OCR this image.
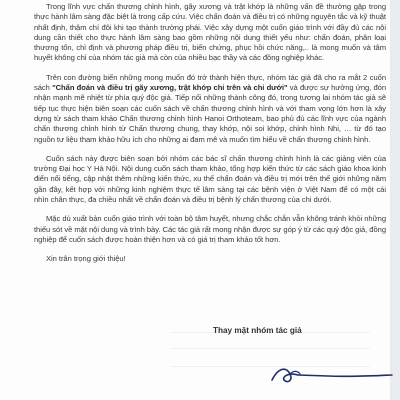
Trong lĩnh vực chấn thương chỉnh hình, gãy xương và trật khớp là những vấn đề thường gặp trong thực hành lâm sàng đặc biệt là trong cấp cứu. Việc chẩn đoán và điều trị có những nguyên tắc và kỹ thuật nhất định, thậm chí đôi khi tạo thành trường phái. Việc xây dựng một cuốn giáo trình với đầy đủ các nội dung cần thiết cho thực hành lâm sàng bao gồm những nội dung thiết yếu như: chẩn đoán, phân loại thương tổn, chỉ định và phương pháp điều trị, biến chứng, phục hồi chức năng,.. là mong muốn và tâm huyết không chỉ của nhóm tác giả mà còn của nhiều bạc thầy và các đồng nghiệp khác.

Trên con đường biến những mong muốn đó trở thành hiện thực, nhóm tác giả đã cho ra mắt 2 cuốn sách "Chẩn đoán và điều trị gãy xương, trật khớp chi trên và chi dưới" và được sự hưởng ứng, đón nhận mạnh mẽ nhiệt từ phía quý độc giả. Tiếp nối những thành công đó, trong tương lai nhóm tác giả sẽ tiếp tục thực hiện biên soạn các cuốn sách về chấn thương chỉnh hình và với tham vọng lớn hơn là xây dựng từ sách tham khảo Chấn thương chỉnh hình Hanoi Orthoteam, bao phủ đủ các lĩnh vực của ngành chấn thương chỉnh hình từ Chấn thương chung, thay khớp, nội soi khớp, chỉnh hình Nhi, … từ đó tạo nguồn tư liệu tham khảo hữu ích cho những ai đam mê và muốn tìm hiểu về chấn thương chỉnh hình.

Cuốn sách này được biên soạn bởi nhóm các bác sĩ chấn thương chỉnh hình là các giảng viên của trường Đại học Y Hà Nội. Nội dung cuốn sách tham khảo, tổng hợp kiến thức từ các sách giáo khoa kinh điển nổi tiếng, cập nhật thêm những kiến thức, xu thế chẩn đoán và điều trị mới trên thế giới những năm gần đây, kết hợp với những kinh nghiệm thực tế lâm sàng tại các bệnh viện ở Việt Nam để có một cái nhìn chân thực, đa chiều nhất về chẩn đoán và điều trị bệnh lý chấn thương của chi dưới.

Mặc dù xuất bản cuốn giáo trình với toàn bộ tâm huyết, nhưng chắc chắn vẫn không tránh khỏi những thiếu sót về mặt nội dung và trình bày. Các tác giả rất mong nhận được sự góp ý từ các quý độc giả, đồng nghiệp để cuốn sách được hoàn thiện hơn và có giá trị tham khảo tốt hơn.

Xin trân trọng giới thiệu!

Thay mặt nhóm tác giả
